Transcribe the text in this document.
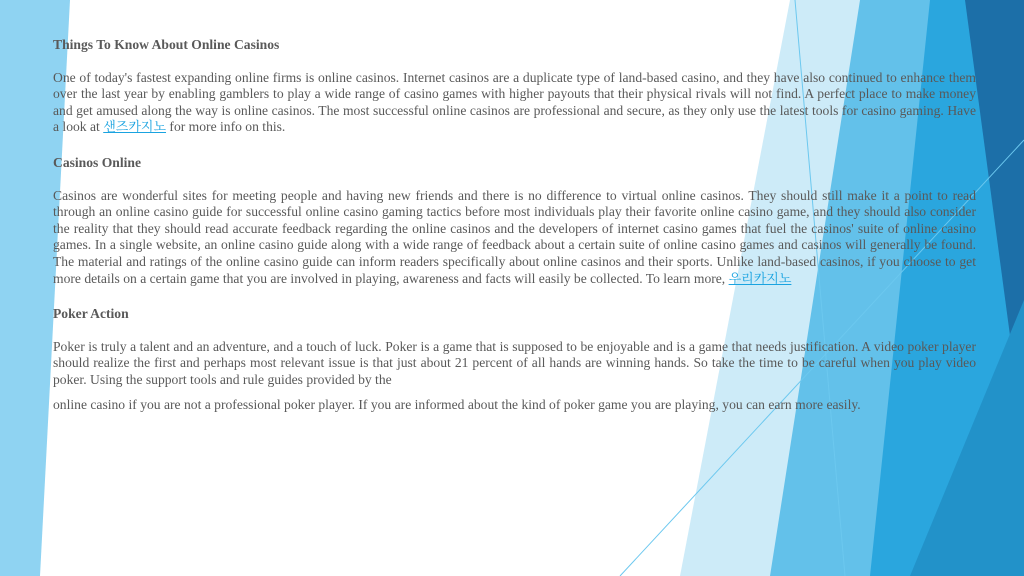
Things To Know About Online Casinos

One of today's fastest expanding online firms is online casinos. Internet casinos are a duplicate type of land-based casino, and they have also continued to enhance them over the last year by enabling gamblers to play a wide range of casino games with higher payouts that their physical rivals will not find. A perfect place to make money and get amused along the way is online casinos. The most successful online casinos are professional and secure, as they only use the latest tools for casino gaming. Have a look at 샌즈카지노 for more info on this.

Casinos Online

Casinos are wonderful sites for meeting people and having new friends and there is no difference to virtual online casinos. They should still make it a point to read through an online casino guide for successful online casino gaming tactics before most individuals play their favorite online casino game, and they should also consider the reality that they should read accurate feedback regarding the online casinos and the developers of internet casino games that fuel the casinos' suite of online casino games. In a single website, an online casino guide along with a wide range of feedback about a certain suite of online casino games and casinos will generally be found. The material and ratings of the online casino guide can inform readers specifically about online casinos and their sports. Unlike land-based casinos, if you choose to get more details on a certain game that you are involved in playing, awareness and facts will easily be collected. To learn more, 우리카지노

Poker Action

Poker is truly a talent and an adventure, and a touch of luck. Poker is a game that is supposed to be enjoyable and is a game that needs justification. A video poker player should realize the first and perhaps most relevant issue is that just about 21 percent of all hands are winning hands. So take the time to be careful when you play video poker. Using the support tools and rule guides provided by the

online casino if you are not a professional poker player. If you are informed about the kind of poker game you are playing, you can earn more easily.
